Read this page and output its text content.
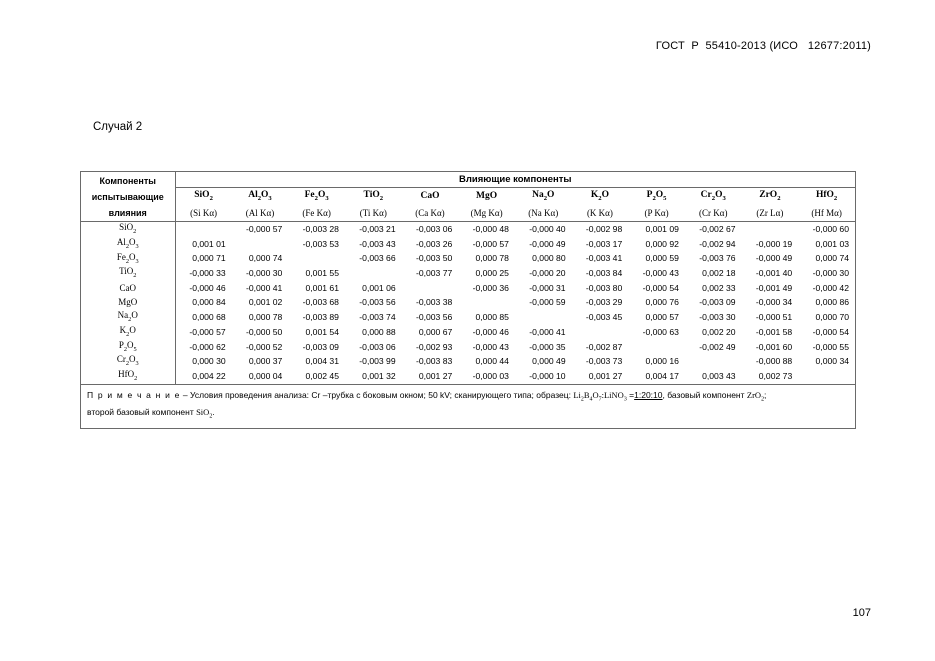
ГОСТ  Р  55410-2013 (ИСО   12677:2011)
Случай 2
Компоненты
испытывающие
влияния	Влияющие компоненты											
	SiO$_2$	$Al_2O_3$	$Fe_2O_3$	TiO$_2$	CaO	MgO	$Na_2O$	$K_2O$	$P_2O_5$	$Cr_2O_3$	ZrO$_2$	HfO$_2$
	(Si Kα)	(Al Kα)	(Fe Kα)	(Ti Kα)	(Ca Kα)	(Mg Kα)	(Na Kα)	(K Kα)	(P Kα)	(Cr Kα)	(Zr Lα)	(Hf Mα)
SiO$_2$		-0,000 57	-0,003 28	-0,003 21	-0,003 06	-0,000 48	-0,000 40	-0,002 98	0,001 09	-0,002 67		-0,000 60
$Al_2O_3$	0,001 01		-0,003 53	-0,003 43	-0,003 26	-0,000 57	-0,000 49	-0,003 17	0,000 92	-0,002 94	-0,000 19	0,001 03
$Fe_2O_3$	0,000 71	0,000 74		-0,003 66	-0,003 50	0,000 78	0,000 80	-0,003 41	0,000 59	-0,003 76	-0,000 49	0,000 74
TiO$_2$	-0,000 33	-0,000 30	0,001 55		-0,003 77	0,000 25	-0,000 20	-0,003 84	-0,000 43	0,002 18	-0,001 40	-0,000 30
CaO	-0,000 46	-0,000 41	0,001 61	0,001 06		-0,000 36	-0,000 31	-0,003 80	-0,000 54	0,002 33	-0,001 49	-0,000 42
MgO	0,000 84	0,001 02	-0,003 68	-0,003 56	-0,003 38		-0,000 59	-0,003 29	0,000 76	-0,003 09	-0,000 34	0,000 86
$Na_2O$	0,000 68	0,000 78	-0,003 89	-0,003 74	-0,003 56	0,000 85		-0,003 45	0,000 57	-0,003 30	-0,000 51	0,000 70
$K_2O$	-0,000 57	-0,000 50	0,001 54	0,000 88	0,000 67	-0,000 46	-0,000 41		-0,000 63	0,002 20	-0,001 58	-0,000 54
$P_2O_5$	-0,000 62	-0,000 52	-0,003 09	-0,003 06	-0,002 93	-0,000 43	-0,000 35	-0,002 87		-0,002 49	-0,001 60	-0,000 55
$Cr_2O_3$	0,000 30	0,000 37	0,004 31	-0,003 99	-0,003 83	0,000 44	0,000 49	-0,003 73	0,000 16		-0,000 88	0,000 34
HfO$_2$	0,004 22	0,000 04	0,002 45	0,001 32	0,001 27	-0,000 03	-0,000 10	0,001 27	0,004 17	0,003 43	0,002 73	
П р и м е ч а н и е – Условия проведения анализа: Cr –трубка с боковым окном; 50 kV; сканирующего типа; образец: $Li_2B_4O_7:LiNO_3$ =1:20:10, базовый компонент ZrO$_2$;
второй базовый компонент SiO$_2$.
107
